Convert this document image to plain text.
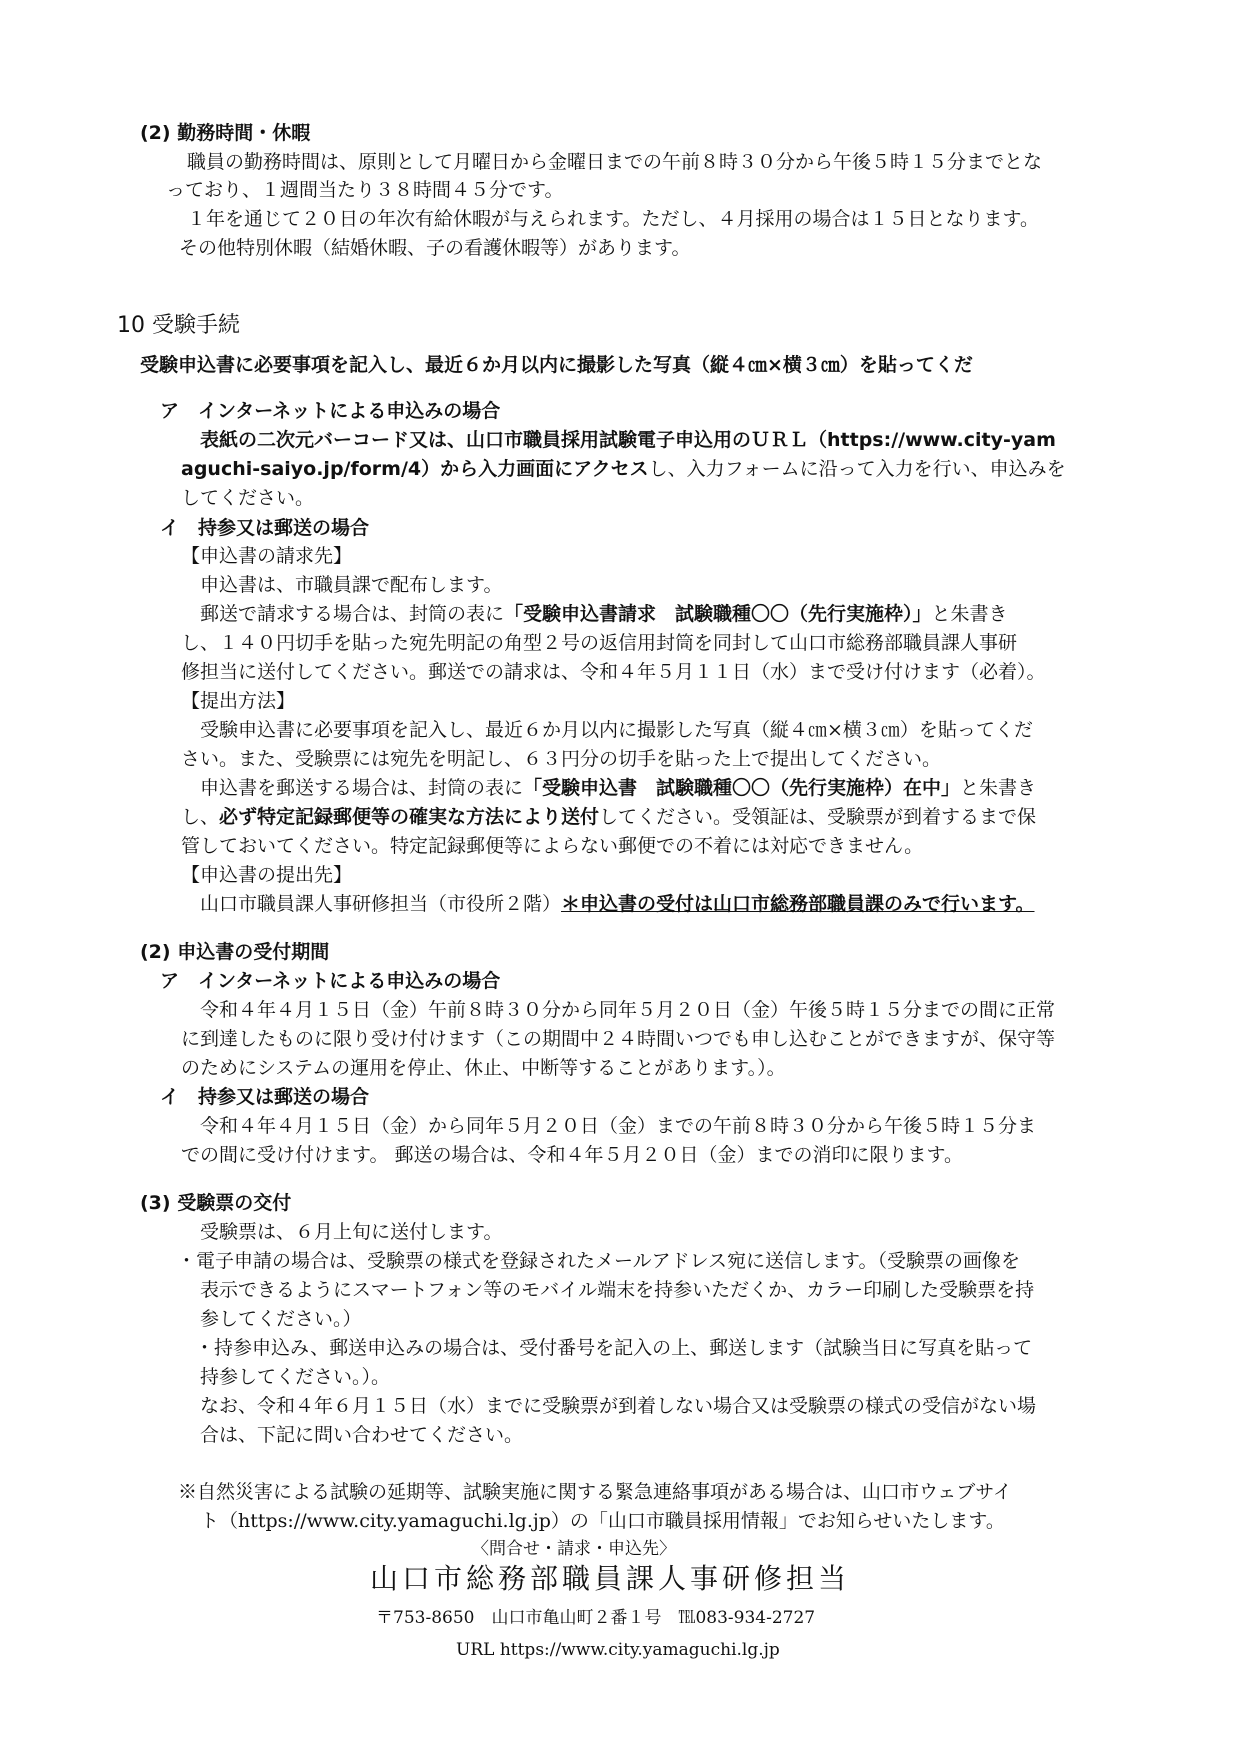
(2) 勤務時間・休暇
職員の勤務時間は、原則として月曜日から金曜日までの午前８時３０分から午後５時１５分までとな
っており、１週間当たり３８時間４５分です。
１年を通じて２０日の年次有給休暇が与えられます。ただし、４月採用の場合は１５日となります。
その他特別休暇（結婚休暇、子の看護休暇等）があります。
10 受験手続
受験申込書に必要事項を記入し、最近６か月以内に撮影した写真（縦４㎝×横３㎝）を貼ってくだ
ア　インターネットによる申込みの場合
表紙の二次元バーコード又は、山口市職員採用試験電子申込用のＵＲＬ（https://www.city-yam
aguchi-saiyo.jp/form/4）から入力画面にアクセスし、入力フォームに沿って入力を行い、申込みを
してください。
イ　持参又は郵送の場合
【申込書の請求先】
申込書は、市職員課で配布します。
郵送で請求する場合は、封筒の表に「受験申込書請求　試験職種〇〇（先行実施枠）」と朱書き
し、１４０円切手を貼った宛先明記の角型２号の返信用封筒を同封して山口市総務部職員課人事研
修担当に送付してください。郵送での請求は、令和４年５月１１日（水）まで受け付けます（必着）。
【提出方法】
受験申込書に必要事項を記入し、最近６か月以内に撮影した写真（縦４㎝×横３㎝）を貼ってくだ
さい。また、受験票には宛先を明記し、６３円分の切手を貼った上で提出してください。
申込書を郵送する場合は、封筒の表に「受験申込書　試験職種〇〇（先行実施枠）在中」と朱書き
し、必ず特定記録郵便等の確実な方法により送付してください。受領証は、受験票が到着するまで保
管しておいてください。特定記録郵便等によらない郵便での不着には対応できません。
【申込書の提出先】
山口市職員課人事研修担当（市役所２階）＊申込書の受付は山口市総務部職員課のみで行います。
(2) 申込書の受付期間
ア　インターネットによる申込みの場合
令和４年４月１５日（金）午前８時３０分から同年５月２０日（金）午後５時１５分までの間に正常
に到達したものに限り受け付けます（この期間中２４時間いつでも申し込むことができますが、保守等
のためにシステムの運用を停止、休止、中断等することがあります。）。
イ　持参又は郵送の場合
令和４年４月１５日（金）から同年５月２０日（金）までの午前８時３０分から午後５時１５分ま
での間に受け付けます。 郵送の場合は、令和４年５月２０日（金）までの消印に限ります。
(3) 受験票の交付
受験票は、６月上旬に送付します。
・電子申請の場合は、受験票の様式を登録されたメールアドレス宛に送信します。（受験票の画像を
表示できるようにスマートフォン等のモバイル端末を持参いただくか、カラー印刷した受験票を持
参してください。）
・持参申込み、郵送申込みの場合は、受付番号を記入の上、郵送します（試験当日に写真を貼って
持参してください。）。
なお、令和４年６月１５日（水）までに受験票が到着しない場合又は受験票の様式の受信がない場
合は、下記に問い合わせてください。
※自然災害による試験の延期等、試験実施に関する緊急連絡事項がある場合は、山口市ウェブサイ
ト（https://www.city.yamaguchi.lg.jp）の「山口市職員採用情報」でお知らせいたします。
〈問合せ・請求・申込先〉
山口市総務部職員課人事研修担当
〒753-8650　山口市亀山町２番１号　℡083-934-2727
URL https://www.city.yamaguchi.lg.jp
